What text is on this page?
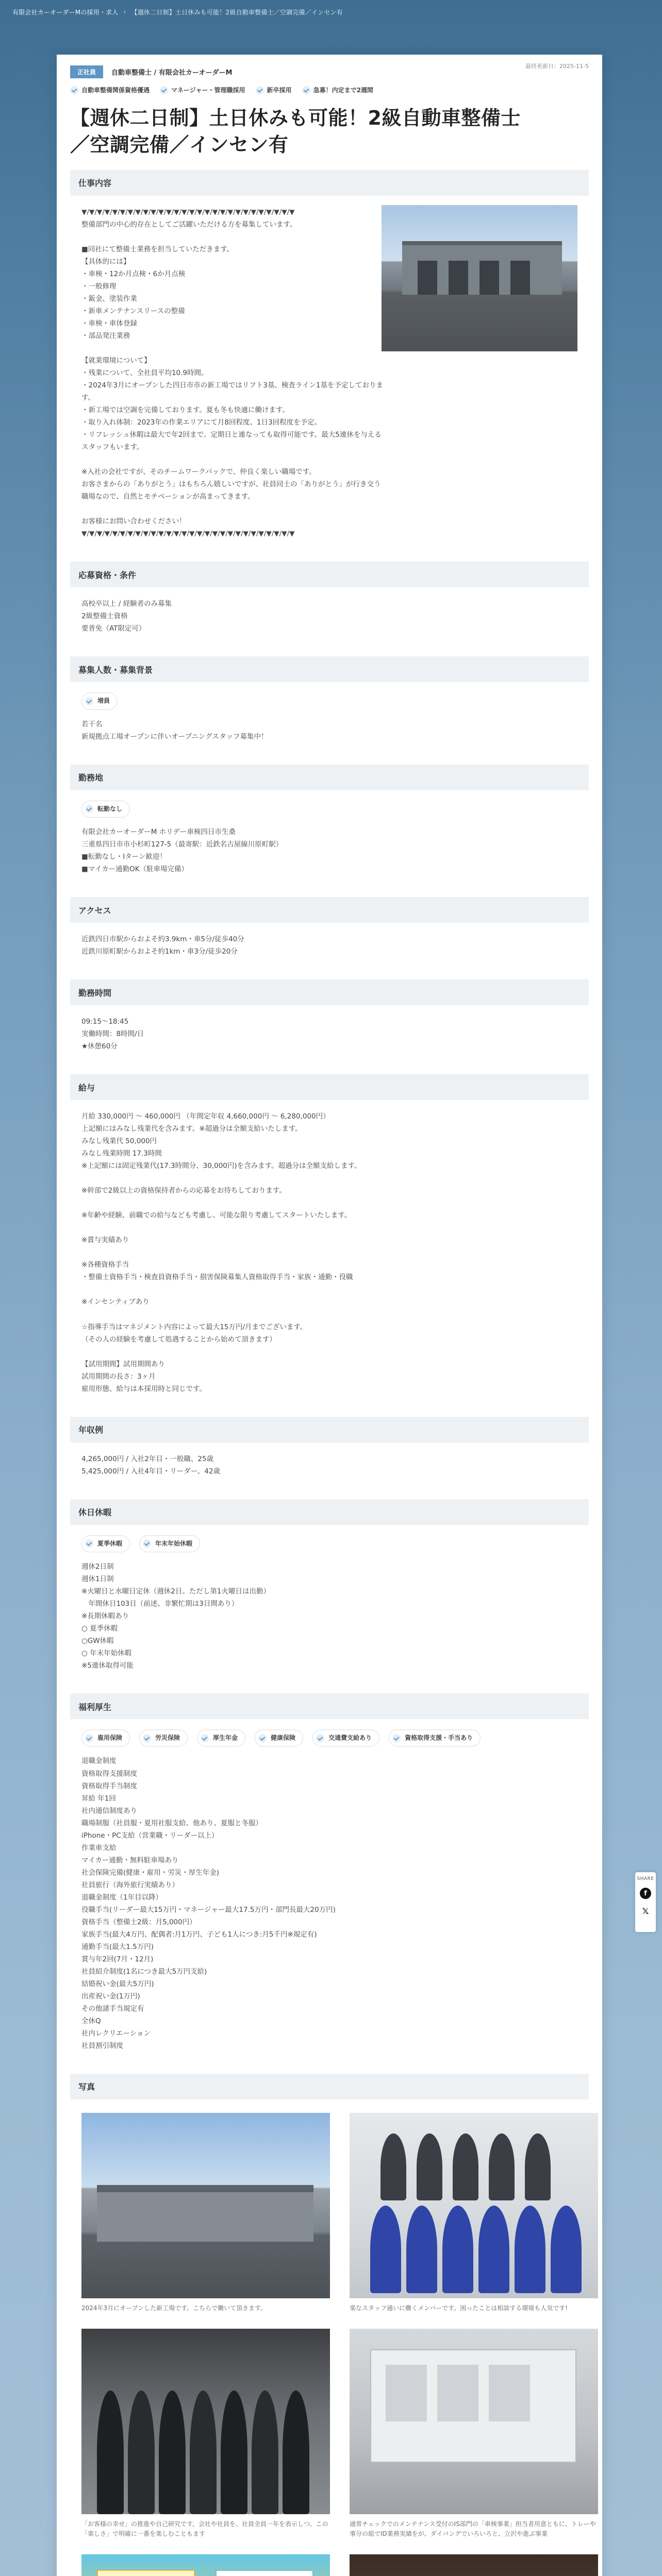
有限会社カーオーダーMの採用・求人 › 【週休二日制】土日休みも可能！2級自動車整備士／空調完備／インセン有
正社員	自動車整備士 / 有限会社カーオーダーM
最終更新日：2025-11-5
自動車整備関係資格優遇	マネージャー・管理職採用	新卒採用	急募！内定まで2週間
【週休二日制】土日休みも可能！2級自動車整備士／空調完備／インセン有
仕事内容

▼/▼/▼/▼/▼/▼/▼/▼/▼/▼/▼/▼/▼/▼/▼/▼/▼/▼/▼/▼/▼/▼/▼/▼/▼/▼/▼/▼
整備部門の中心的存在としてご活躍いただける方を募集しています。

■同社にて整備士業務を担当していただきます。
【具体的には】
・車検・12か月点検・6か月点検
・一般修理
・鈑金、塗装作業
・新車メンテナンスリースの整備
・車検・車体登録
・部品発注業務

【就業環境について】
・残業について、全社員平均10.9時間。
・2024年3月にオープンした四日市市の新工場ではリフト3基、検査ライン1基を予定しております。
・新工場では空調を完備しております。夏も冬も快適に働けます。
・取り入れ体制：2023年の作業エリアにて月8回程度、1日3回程度を予定。
・リフレッシュ休暇は最大で年2回まで。定期日と連なっても取得可能です。最大5連休を与えるスタッフもいます。

※入社の会社ですが、そのチームワークパックで、仲良く楽しい職場です。
お客さまからの「ありがとう」はもちろん嬉しいですが、社員同士の「ありがとう」が行き交う職場なので、自然とモチベーションが高まってきます。

お客様にお問い合わせください！
▼/▼/▼/▼/▼/▼/▼/▼/▼/▼/▼/▼/▼/▼/▼/▼/▼/▼/▼/▼/▼/▼/▼/▼/▼/▼/▼/▼

応募資格・条件

高校卒以上 / 経験者のみ募集
2級整備士資格
要普免（AT限定可）

募集人数・募集背景
増員

若干名
新規拠点工場オープンに伴いオープニングスタッフ募集中！

勤務地
転勤なし

有限会社カーオーダーM ホリデー車検四日市生桑
三重県四日市市小杉町127-5（最寄駅：近鉄名古屋線川原町駅）
■転勤なし・Iターン歓迎！
■マイカー通勤OK（駐車場完備）

アクセス

近鉄四日市駅からおよそ約3.9km・車5分/徒歩40分
近鉄川原町駅からおよそ約1km・車3分/徒歩20分

勤務時間

09:15〜18:45
実働時間：8時間/日
★休憩60分

給与

月給 330,000円 〜 460,000円 （年間定年収 4,660,000円 〜 6,280,000円）
上記額にはみなし残業代を含みます。※超過分は全額支給いたします。
みなし残業代 50,000円
みなし残業時間 17.3時間
※上記額には固定残業代(17.3時間分、30,000円)を含みます。超過分は全額支給します。

※幹部で2級以上の資格保持者からの応募をお待ちしております。

※年齢や経験、前職での給与なども考慮し、可能な限り考慮してスタートいたします。

※賞与実績あり

※各種資格手当
・整備士資格手当・検査員資格手当・損害保険募集人資格取得手当・家族・通勤・役職

※インセンティブあり

☆指導手当はマネジメント内容によって最大15万円/月までございます。
（その人の経験を考慮して処遇することから始めて頂きます）

【試用期間】試用期間あり
試用期間の長さ：3ヶ月
雇用形態、給与は本採用時と同じです。

年収例

4,265,000円 / 入社2年目・一般職、25歳
5,425,000円 / 入社4年目・リーダー、42歳

休日休暇
夏季休暇	年末年始休暇

週休2日制
週休1日制
※火曜日と水曜日定休（週休2日。ただし第1火曜日は出勤）
　年間休日103日（前述、非繁忙期は3日間あり）
※長期休暇あり
○ 夏季休暇
○GW休暇
○ 年末年始休暇
※5連休取得可能

福利厚生
雇用保険	労災保険	厚生年金	健康保険	交通費支給あり	資格取得支援・手当あり

退職金制度
資格取得支援制度
資格取得手当制度
昇給 年1回
社内通信制度あり
職場制服（社員服・夏用社服支給、他あり、夏服と冬服）
iPhone・PC支給（営業職・リーダー以上）
作業車支給
マイカー通勤・無料駐車場あり
社会保険完備(健康・雇用・労災・厚生年金)
社員旅行（海外旅行実績あり）
退職金制度（1年目以降）
役職手当(リーダー最大15万円・マネージャー最大17.5万円・部門長最大20万円)
資格手当（整備士2級：月5,000円）
家族手当(最大4万円、配偶者:月1万円、子ども1人につき:月5千円※規定有)
通勤手当(最大1.5万円)
賞与年2回(7月・12月)
社員紹介制度(1名につき最大5万円支給)
結婚祝い金(最大5万円)
出産祝い金(1万円)
その他諸手当規定有
全休Q
社内レクリエーション
社員割引制度

写真
2024年3月にオープンした新工場です。こちらで働いて頂きます。	楽なスタッフ通いに働くメンバーです。困ったことは相談する環境も人気です!
「お客様の幸せ」の推進や自己研究です。会社や社員を、社員全員一年を表示しつ。この「楽しさ」で明確に一番を楽しむこともます
通常チェックでのメンテナンス受付のIS部門の「車検事業」担当者用意ともに、トレーや事分の組でID業務実績をが、ダイバングでいろいろと、立沢や進ぶ事業
SHARE
f
𝕏
